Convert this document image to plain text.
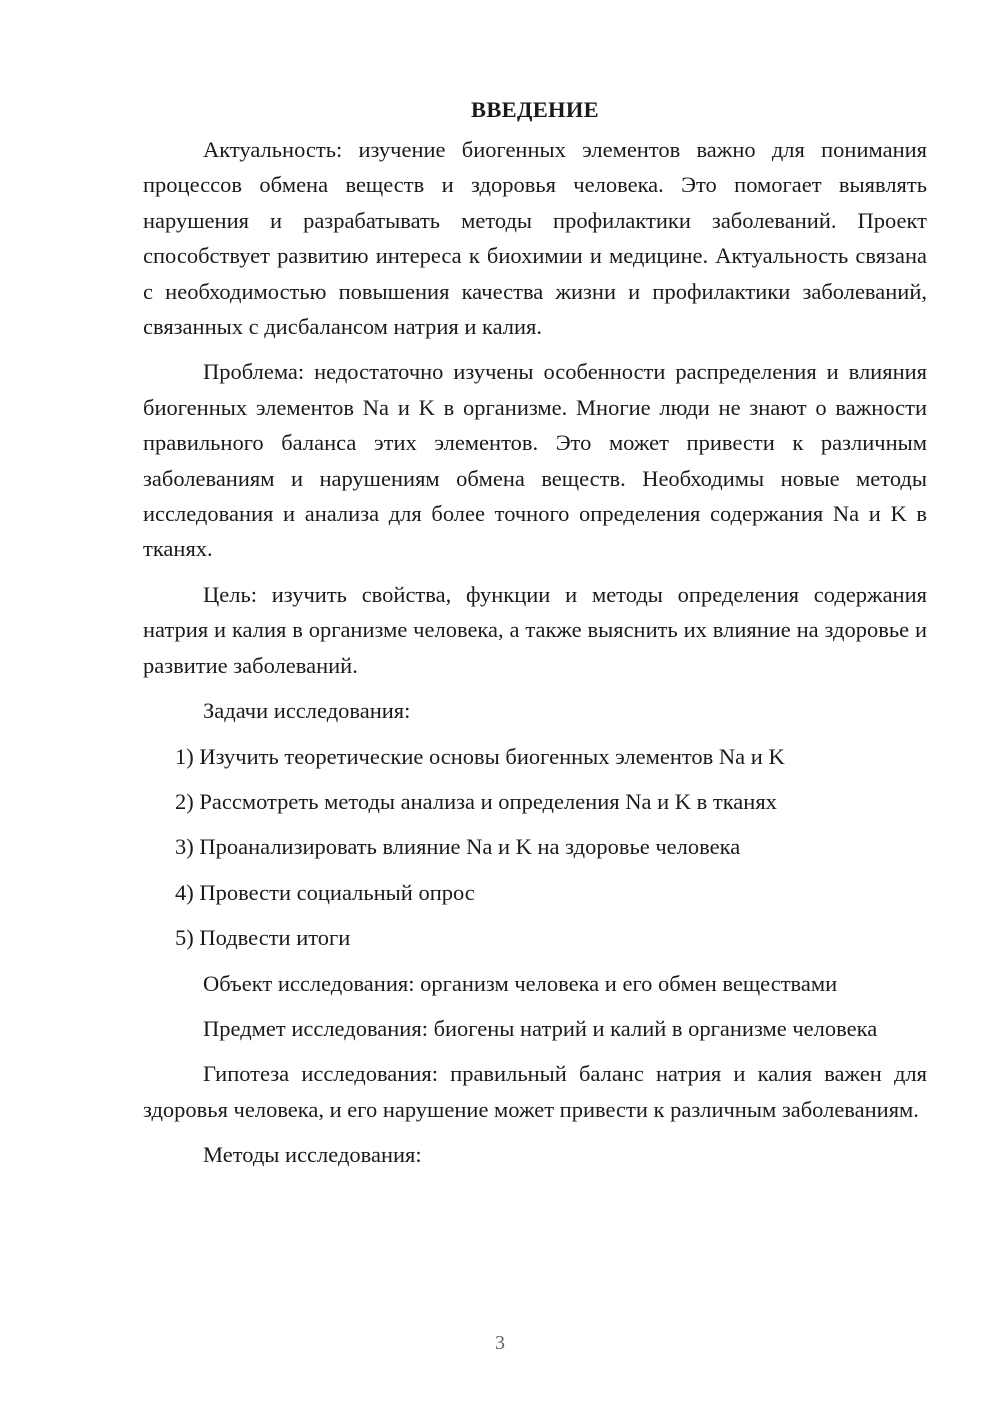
ВВЕДЕНИЕ

Актуальность: изучение биогенных элементов важно для понимания процессов обмена веществ и здоровья человека. Это помогает выявлять нарушения и разрабатывать методы профилактики заболеваний. Проект способствует развитию интереса к биохимии и медицине. Актуальность связана с необходимостью повышения качества жизни и профилактики заболеваний, связанных с дисбалансом натрия и калия.

Проблема: недостаточно изучены особенности распределения и влияния биогенных элементов Na и K в организме. Многие люди не знают о важности правильного баланса этих элементов. Это может привести к различным заболеваниям и нарушениям обмена веществ. Необходимы новые методы исследования и анализа для более точного определения содержания Na и K в тканях.

Цель: изучить свойства, функции и методы определения содержания натрия и калия в организме человека, а также выяснить их влияние на здоровье и развитие заболеваний.

Задачи исследования:
1) Изучить теоретические основы биогенных элементов Na и K
2) Рассмотреть методы анализа и определения Na и K в тканях
3) Проанализировать влияние Na и K на здоровье человека
4) Провести социальный опрос
5) Подвести итоги
Объект исследования: организм человека и его обмен веществами

Предмет исследования: биогены натрий и калий в организме человека

Гипотеза исследования: правильный баланс натрия и калия важен для здоровья человека, и его нарушение может привести к различным заболеваниям.

Методы исследования:
3
